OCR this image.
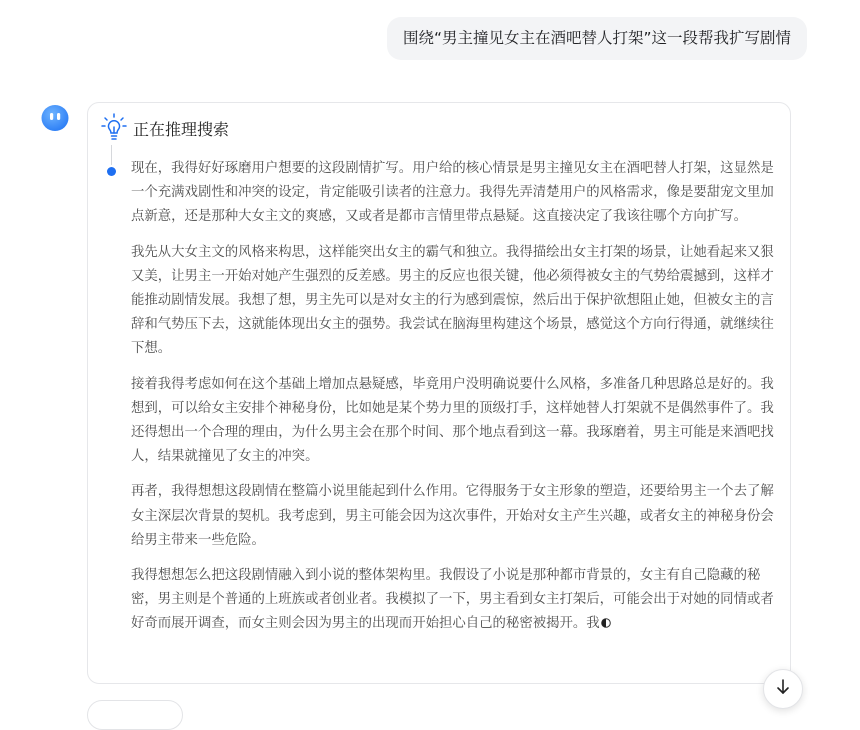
围绕“男主撞见女主在酒吧替人打架”这一段帮我扩写剧情
正在推理搜索

现在，我得好好琢磨用户想要的这段剧情扩写。用户给的核心情景是男主撞见女主在酒吧替人打架，这显然是一个充满戏剧性和冲突的设定，肯定能吸引读者的注意力。我得先弄清楚用户的风格需求，像是要甜宠文里加点新意，还是那种大女主文的爽感，又或者是都市言情里带点悬疑。这直接决定了我该往哪个方向扩写。

我先从大女主文的风格来构思，这样能突出女主的霸气和独立。我得描绘出女主打架的场景，让她看起来又狠又美，让男主一开始对她产生强烈的反差感。男主的反应也很关键，他必须得被女主的气势给震撼到，这样才能推动剧情发展。我想了想，男主先可以是对女主的行为感到震惊，然后出于保护欲想阻止她，但被女主的言辞和气势压下去，这就能体现出女主的强势。我尝试在脑海里构建这个场景，感觉这个方向行得通，就继续往下想。

接着我得考虑如何在这个基础上增加点悬疑感，毕竟用户没明确说要什么风格，多准备几种思路总是好的。我想到，可以给女主安排个神秘身份，比如她是某个势力里的顶级打手，这样她替人打架就不是偶然事件了。我还得想出一个合理的理由，为什么男主会在那个时间、那个地点看到这一幕。我琢磨着，男主可能是来酒吧找人，结果就撞见了女主的冲突。

再者，我得想想这段剧情在整篇小说里能起到什么作用。它得服务于女主形象的塑造，还要给男主一个去了解女主深层次背景的契机。我考虑到，男主可能会因为这次事件，开始对女主产生兴趣，或者女主的神秘身份会给男主带来一些危险。

我得想想怎么把这段剧情融入到小说的整体架构里。我假设了小说是那种都市背景的，女主有自己隐藏的秘密，男主则是个普通的上班族或者创业者。我模拟了一下，男主看到女主打架后，可能会出于对她的同情或者好奇而展开调查，而女主则会因为男主的出现而开始担心自己的秘密被揭开。我
